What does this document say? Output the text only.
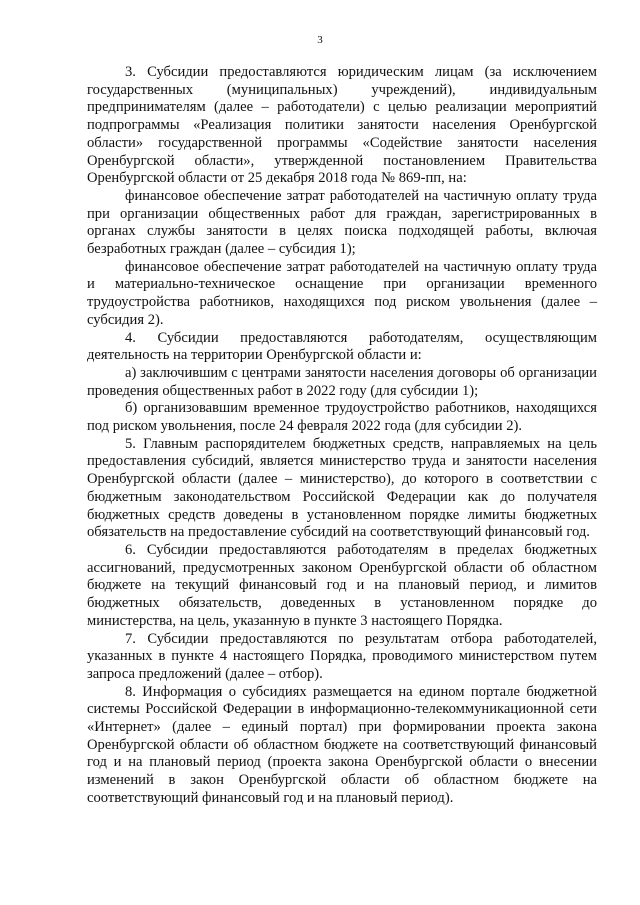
3

3. Субсидии предоставляются юридическим лицам (за исключением государственных (муниципальных) учреждений), индивидуальным предпринимателям (далее – работодатели) с целью реализации мероприятий подпрограммы «Реализация политики занятости населения Оренбургской области» государственной программы «Содействие занятости населения Оренбургской области», утвержденной постановлением Правительства Оренбургской области от 25 декабря 2018 года № 869-пп, на:

финансовое обеспечение затрат работодателей на частичную оплату труда при организации общественных работ для граждан, зарегистрированных в органах службы занятости в целях поиска подходящей работы, включая безработных граждан (далее – субсидия 1);

финансовое обеспечение затрат работодателей на частичную оплату труда и материально-техническое оснащение при организации временного трудоустройства работников, находящихся под риском увольнения (далее – субсидия 2).

4. Субсидии предоставляются работодателям, осуществляющим деятельность на территории Оренбургской области и:

а) заключившим с центрами занятости населения договоры об организации проведения общественных работ в 2022 году (для субсидии 1);

б) организовавшим временное трудоустройство работников, находящихся под риском увольнения, после 24 февраля 2022 года (для субсидии 2).

5. Главным распорядителем бюджетных средств, направляемых на цель предоставления субсидий, является министерство труда и занятости населения Оренбургской области (далее – министерство), до которого в соответствии с бюджетным законодательством Российской Федерации как до получателя бюджетных средств доведены в установленном порядке лимиты бюджетных обязательств на предоставление субсидий на соответствующий финансовый год.

6. Субсидии предоставляются работодателям в пределах бюджетных ассигнований, предусмотренных законом Оренбургской области об областном бюджете на текущий финансовый год и на плановый период, и лимитов бюджетных обязательств, доведенных в установленном порядке до министерства, на цель, указанную в пункте 3 настоящего Порядка.

7. Субсидии предоставляются по результатам отбора работодателей, указанных в пункте 4 настоящего Порядка, проводимого министерством путем запроса предложений (далее – отбор).

8. Информация о субсидиях размещается на едином портале бюджетной системы Российской Федерации в информационно-телекоммуникационной сети «Интернет» (далее – единый портал) при формировании проекта закона Оренбургской области об областном бюджете на соответствующий финансовый год и на плановый период (проекта закона Оренбургской области о внесении изменений в закон Оренбургской области об областном бюджете на соответствующий финансовый год и на плановый период).
